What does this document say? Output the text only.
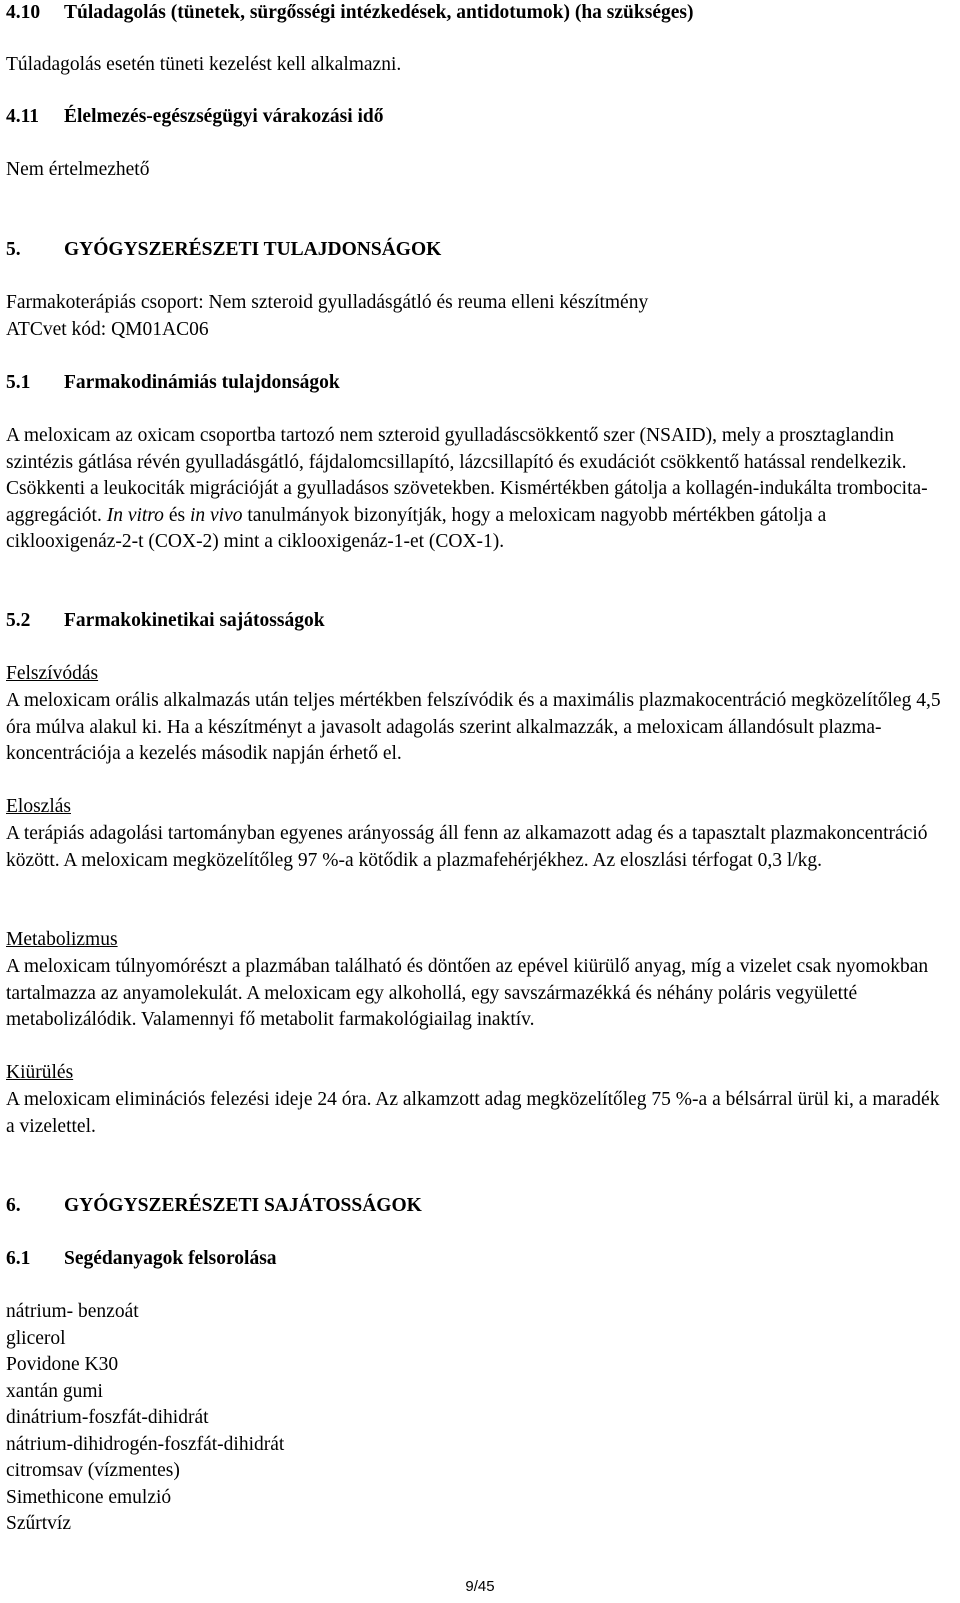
4.10 Túladagolás (tünetek, sürgősségi intézkedések, antidotumok) (ha szükséges)
Túladagolás esetén tüneti kezelést kell alkalmazni.
4.11 Élelmezés-egészségügyi várakozási idő
Nem értelmezhető
5. GYÓGYSZERÉSZETI TULAJDONSÁGOK
Farmakoterápiás csoport: Nem szteroid gyulladásgátló és reuma elleni készítmény
ATCvet kód: QM01AC06
5.1 Farmakodinámiás tulajdonságok
A meloxicam az oxicam csoportba tartozó nem szteroid gyulladáscsökkentő szer (NSAID), mely a prosztaglandin szintézis gátlása révén gyulladásgátló, fájdalomcsillapító, lázcsillapító és exudációt csökkentő hatással rendelkezik. Csökkenti a leukociták migrációját a gyulladásos szövetekben. Kismértékben gátolja a kollagén-indukálta trombocita-aggregációt. In vitro és in vivo tanulmányok bizonyítják, hogy a meloxicam nagyobb mértékben gátolja a ciklooxigenáz-2-t (COX-2) mint a ciklooxigenáz-1-et (COX-1).
5.2 Farmakokinetikai sajátosságok
Felszívódás
A meloxicam orális alkalmazás után teljes mértékben felszívódik és a maximális plazmakocentráció megközelítőleg 4,5 óra múlva alakul ki. Ha a készítményt a javasolt adagolás szerint alkalmazzák, a meloxicam állandósult plazma-koncentrációja a kezelés második napján érhető el.
Eloszlás
A terápiás adagolási tartományban egyenes arányosság áll fenn az alkamazott adag és a tapasztalt plazmakoncentráció között. A meloxicam megközelítőleg 97 %-a kötődik a plazmafehérjékhez. Az eloszlási térfogat 0,3 l/kg.
Metabolizmus
A meloxicam túlnyomórészt a plazmában található és döntően az epével kiürülő anyag, míg a vizelet csak nyomokban tartalmazza az anyamolekulát. A meloxicam egy alkohollá, egy savszármazékká és néhány poláris vegyületté metabolizálódik. Valamennyi fő metabolit farmakológiailag inaktív.
Kiürülés
A meloxicam eliminációs felezési ideje 24 óra. Az alkamzott adag megközelítőleg 75 %-a a bélsárral ürül ki, a maradék a vizelettel.
6. GYÓGYSZERÉSZETI SAJÁTOSSÁGOK
6.1 Segédanyagok felsorolása
nátrium- benzoát
glicerol
Povidone K30
xantán gumi
dinátrium-foszfát-dihidrát
nátrium-dihidrogén-foszfát-dihidrát
citromsav (vízmentes)
Simethicone emulzió
Szűrtvíz
9/45
